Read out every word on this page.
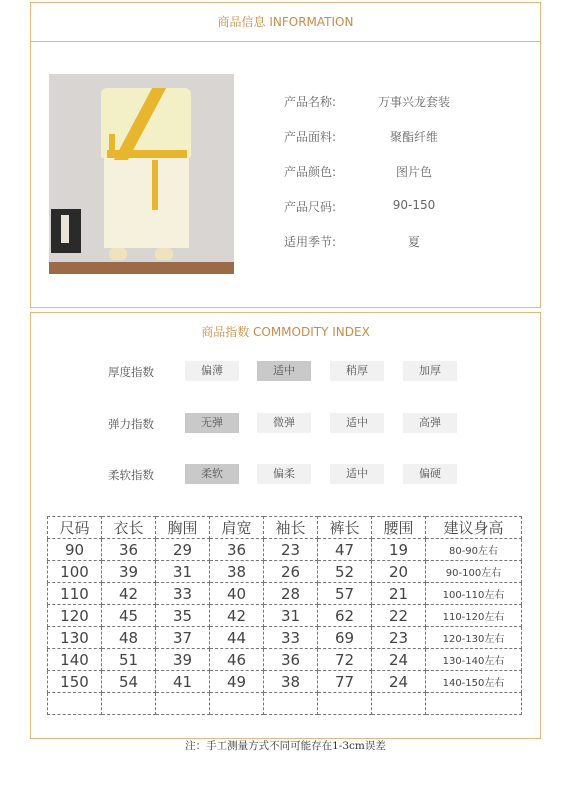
商品信息 INFORMATION
产品名称:	万事兴龙套装
产品面料:	聚酯纤维
产品颜色:	图片色
产品尺码:	90-150
适用季节:	夏
商品指数 COMMODITY INDEX
厚度指数	偏薄	适中	稍厚	加厚
弹力指数	无弹	微弹	适中	高弹
柔软指数	柔软	偏柔	适中	偏硬
尺码	衣长	胸围	肩宽	袖长	裤长	腰围	建议身高
90	36	29	36	23	47	19	80-90左右
100	39	31	38	26	52	20	90-100左右
110	42	33	40	28	57	21	100-110左右
120	45	35	42	31	62	22	110-120左右
130	48	37	44	33	69	23	120-130左右
140	51	39	46	36	72	24	130-140左右
150	54	41	49	38	77	24	140-150左右

注：手工测量方式不同可能存在1-3cm误差
